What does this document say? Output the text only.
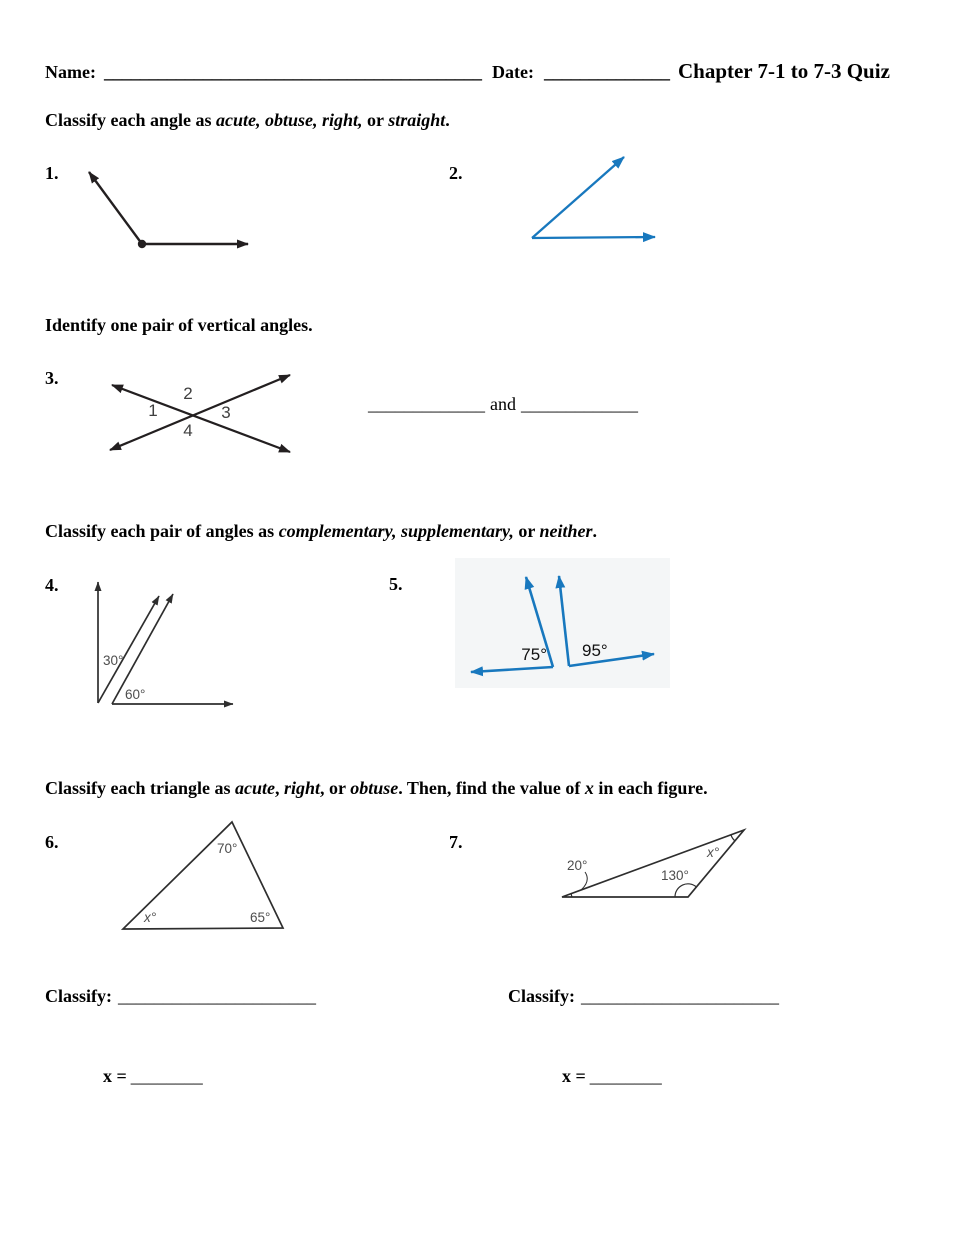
Name: __________________________________________ Date: ______________ Chapter 7-1 to 7-3 Quiz
Classify each angle as acute, obtuse, right, or straight.
1.	2.
Identify one pair of vertical angles.
3.
1
2
3
4
_____________ and _____________
Classify each pair of angles as complementary, supplementary, or neither.
4.	5.
30°
60°
75° 95°
Classify each triangle as acute, right, or obtuse. Then, find the value of x in each figure.
6.	7.
70°
x°	65°
20°
130°
x°
Classify: ______________________	Classify: ______________________
x = ________	x = ________
